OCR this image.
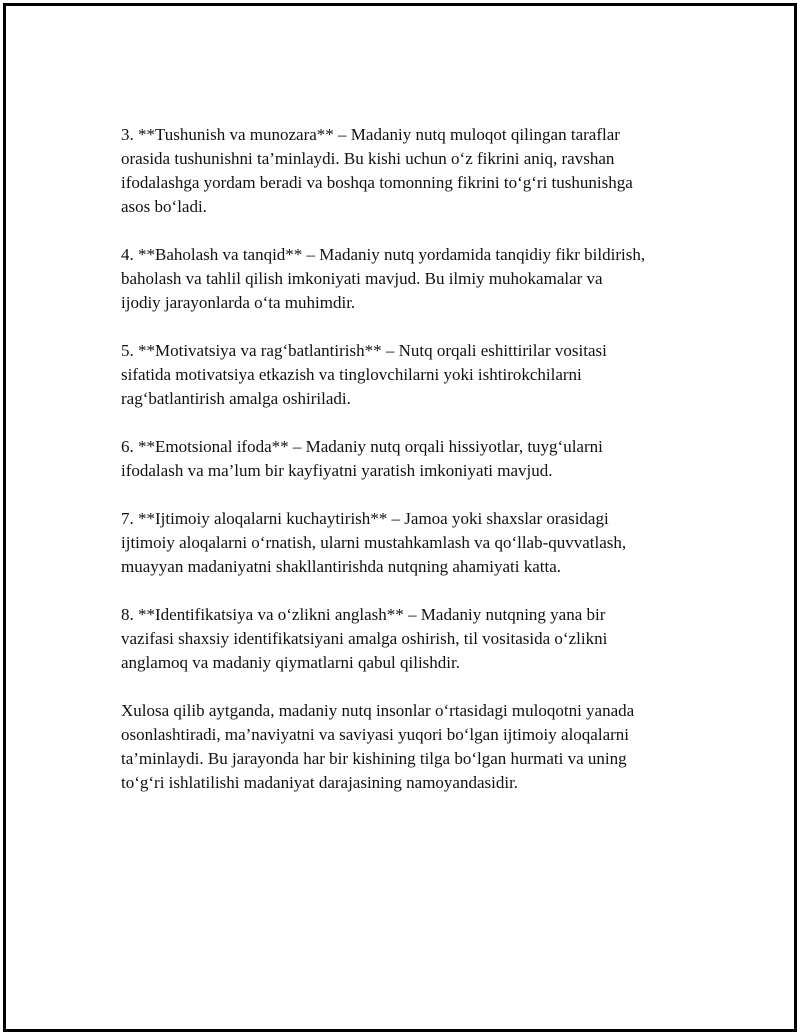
3. **Tushunish va munozara** – Madaniy nutq muloqot qilingan taraflar
orasida tushunishni ta’minlaydi. Bu kishi uchun o‘z fikrini aniq, ravshan
ifodalashga yordam beradi va boshqa tomonning fikrini to‘g‘ri tushunishga
asos bo‘ladi.

4. **Baholash va tanqid** – Madaniy nutq yordamida tanqidiy fikr bildirish,
baholash va tahlil qilish imkoniyati mavjud. Bu ilmiy muhokamalar va
ijodiy jarayonlarda o‘ta muhimdir.

5. **Motivatsiya va rag‘batlantirish** – Nutq orqali eshittirilar vositasi
sifatida motivatsiya etkazish va tinglovchilarni yoki ishtirokchilarni
rag‘batlantirish amalga oshiriladi.

6. **Emotsional ifoda** – Madaniy nutq orqali hissiyotlar, tuyg‘ularni
ifodalash va ma’lum bir kayfiyatni yaratish imkoniyati mavjud.

7. **Ijtimoiy aloqalarni kuchaytirish** – Jamoa yoki shaxslar orasidagi
ijtimoiy aloqalarni o‘rnatish, ularni mustahkamlash va qo‘llab-quvvatlash,
muayyan madaniyatni shakllantirishda nutqning ahamiyati katta.

8. **Identifikatsiya va o‘zlikni anglash** – Madaniy nutqning yana bir
vazifasi shaxsiy identifikatsiyani amalga oshirish, til vositasida o‘zlikni
anglamoq va madaniy qiymatlarni qabul qilishdir.

Xulosa qilib aytganda, madaniy nutq insonlar o‘rtasidagi muloqotni yanada
osonlashtiradi, ma’naviyatni va saviyasi yuqori bo‘lgan ijtimoiy aloqalarni
ta’minlaydi. Bu jarayonda har bir kishining tilga bo‘lgan hurmati va uning
to‘g‘ri ishlatilishi madaniyat darajasining namoyandasidir.
